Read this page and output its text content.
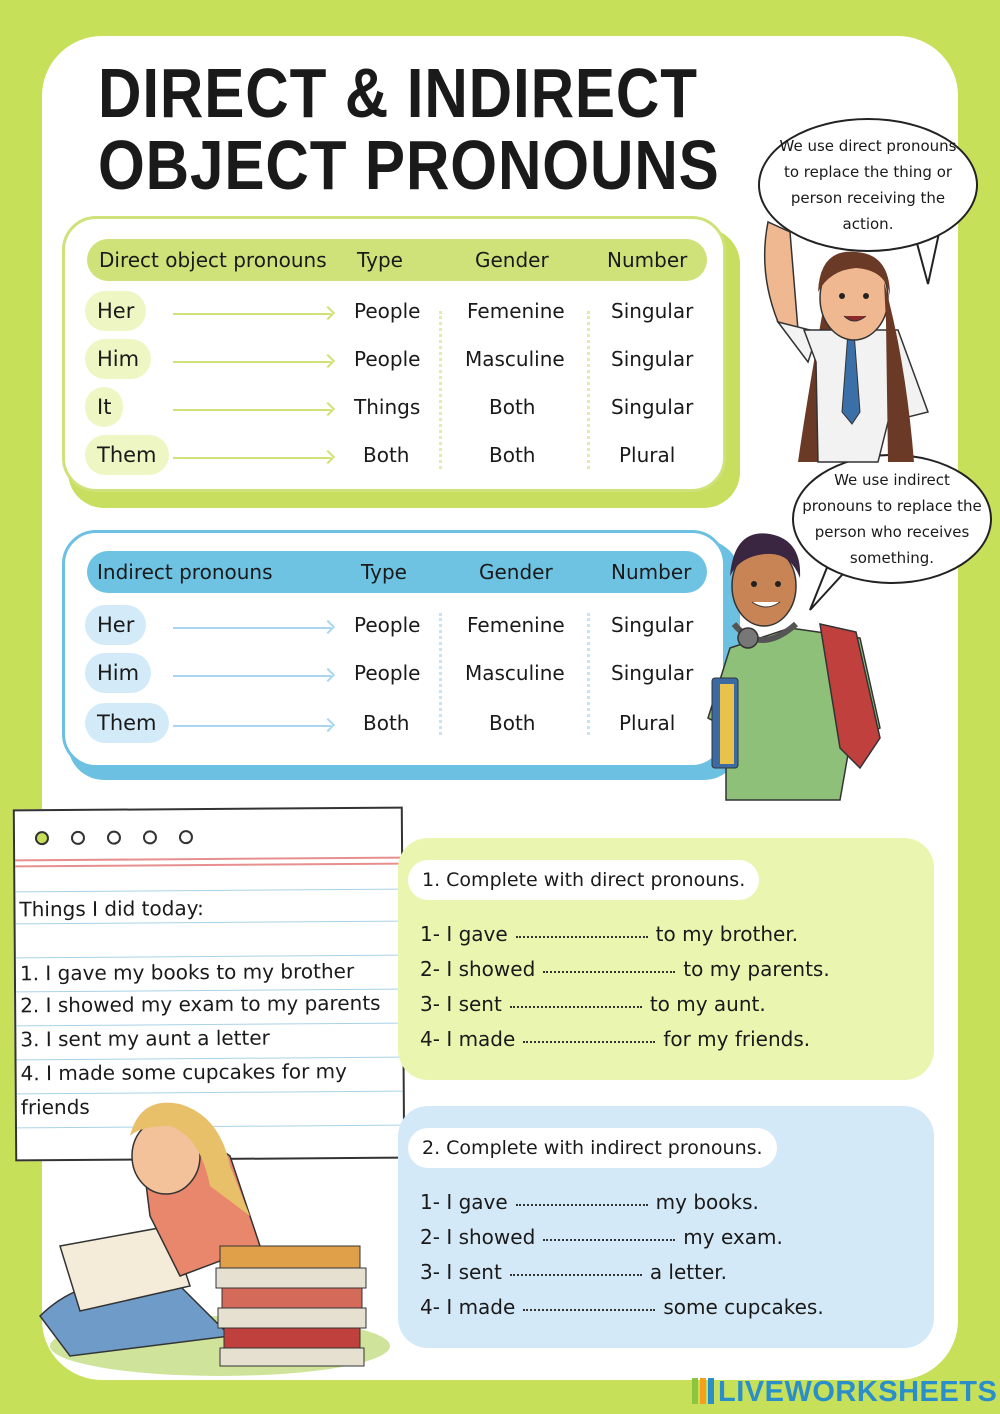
DIRECT & INDIRECT
OBJECT PRONOUNS
Direct object pronouns Type	Gender	Number
Her	People Femenine Singular
Him	People Masculine Singular
It	Things	Both	Singular
Them	Both	Both	Plural
Indirect pronouns	Type	Gender	Number
Her	People Femenine Singular
Him	People Masculine Singular
Them	Both	Both	Plural
We use direct pronouns
to replace the thing or
person receiving the
action.
We use indirect
pronouns to replace the
person who receives
something.
Things I did today:
1. I gave my books to my brother
2. I showed my exam to my parents
3. I sent my aunt a letter
4. I made some cupcakes for my
friends
1. Complete with direct pronouns.
1- I gave	to my brother.
2- I showed	to my parents.
3- I sent	to my aunt.
4- I made	for my friends.
2. Complete with indirect pronouns.
1- I gave	my books.
2- I showed	my exam.
3- I sent	a letter.
4- I made	some cupcakes.
LIVEWORKSHEETS
